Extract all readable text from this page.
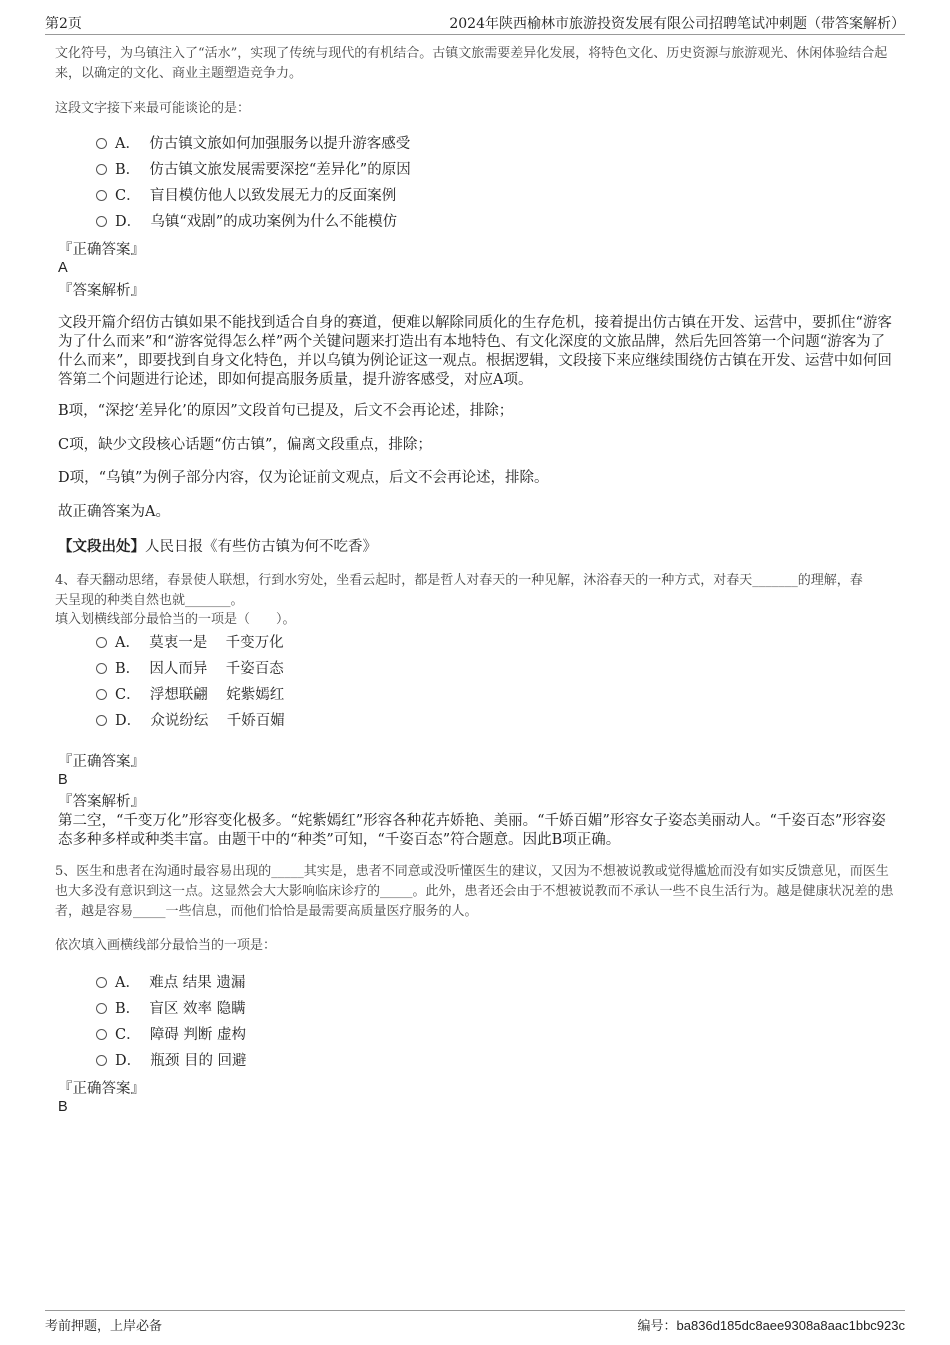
第2页	2024年陕西榆林市旅游投资发展有限公司招聘笔试冲刺题（带答案解析）
文化符号，为乌镇注入了“活水”，实现了传统与现代的有机结合。古镇文旅需要差异化发展，将特色文化、历史资源与旅游观光、休闲体验结合起来，以确定的文化、商业主题塑造竞争力。
这段文字接下来最可能谈论的是：
A．  仿古镇文旅如何加强服务以提升游客感受
B．  仿古镇文旅发展需要深挖“差异化”的原因
C．  盲目模仿他人以致发展无力的反面案例
D．  乌镇“戏剧”的成功案例为什么不能模仿
『正确答案』
A
『答案解析』
文段开篇介绍仿古镇如果不能找到适合自身的赛道，便难以解除同质化的生存危机，接着提出仿古镇在开发、运营中，要抓住“游客为了什么而来”和“游客觉得怎么样”两个关键问题来打造出有本地特色、有文化深度的文旅品牌，然后先回答第一个问题“游客为了什么而来”，即要找到自身文化特色，并以乌镇为例论证这一观点。根据逻辑，文段接下来应继续围绕仿古镇在开发、运营中如何回答第二个问题进行论述，即如何提高服务质量，提升游客感受，对应A项。
B项，“深挖‘差异化’的原因”文段首句已提及，后文不会再论述，排除；
C项，缺少文段核心话题“仿古镇”，偏离文段重点，排除；
D项，“乌镇”为例子部分内容，仅为论证前文观点，后文不会再论述，排除。
故正确答案为A。
【文段出处】人民日报《有些仿古镇为何不吃香》
4、春天翻动思绪，春景使人联想，行到水穷处，坐看云起时，都是哲人对春天的一种见解，沐浴春天的一种方式，对春天_______的理解，春
天呈现的种类自然也就_______。
填入划横线部分最恰当的一项是（　　）。
A．  莫衷一是    千变万化
B．  因人而异    千姿百态
C．  浮想联翩    姹紫嫣红
D．  众说纷纭    千娇百媚
『正确答案』
B
『答案解析』
第二空，“千变万化”形容变化极多。“姹紫嫣红”形容各种花卉娇艳、美丽。“千娇百媚”形容女子姿态美丽动人。“千姿百态”形容姿态多种多样或种类丰富。由题干中的“种类”可知，“千姿百态”符合题意。因此B项正确。
5、医生和患者在沟通时最容易出现的_____其实是，患者不同意或没听懂医生的建议，又因为不想被说教或觉得尴尬而没有如实反馈意见，而医生也大多没有意识到这一点。这显然会大大影响临床诊疗的_____。此外，患者还会由于不想被说教而不承认一些不良生活行为。越是健康状况差的患者，越是容易_____一些信息，而他们恰恰是最需要高质量医疗服务的人。
依次填入画横线部分最恰当的一项是：
A．  难点 结果 遗漏
B．  盲区 效率 隐瞒
C．  障碍 判断 虚构
D．  瓶颈 目的 回避
『正确答案』
B
考前押题，上岸必备	编号：ba836d185dc8aee9308a8aac1bbc923c
